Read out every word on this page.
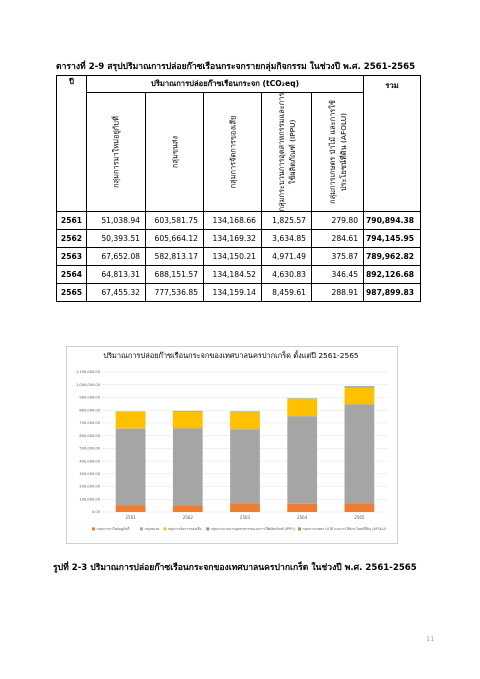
ตารางที่ 2-9 สรุปปริมาณการปล่อยก๊าซเรือนกระจกรายกลุ่มกิจกรรม ในช่วงปี พ.ศ. 2561-2565
ปี	ปริมาณการปล่อยก๊าซเรือนกระจก (tCO₂eq)					รวม

	กลุ่มการมาใหม่อยู่กับที่	กลุ่มขนส่ง	กลุ่มการจัดการของเสีย	กลุ่มกระบวนการอุตสาหกรรมและการ ใช้ผลิตภัณฑ์ (IPPU)	กลุ่มการเกษตร ป่าไม้ และการใช้ ประโยชน์ที่ดิน (AFOLU)	

2561	51,038.94	603,581.75	134,168.66	1,825.57	279.80	790,894.38
2562	50,393.51	605,664.12	134,169.32	3,634.85	284.61	794,145.95
2563	67,652.08	582,813.17	134,150.21	4,971.49	375.87	789,962.82
2564	64,813.31	688,151.57	134,184.52	4,630.83	346.45	892,126.68
2565	67,455.32	777,536.85	134,159.14	8,459.61	288.91	987,899.83
ปริมาณการปล่อยก๊าซเรือนกระจกของเทศบาลนครปากเกร็ด ตั้งแต่ปี 2561-2565
0.00
100,000.00
200,000.00
300,000.00
400,000.00
500,000.00
600,000.00
700,000.00
800,000.00
900,000.00
1,000,000.00
1,100,000.00
2561	2562	2563	2564	2565
กลุ่มการมาใหม่อยู่กับที่	กลุ่มขนส่ง	กลุ่มการจัดการของเสีย	กลุ่มกระบวนการอุตสาหกรรมและการใช้ผลิตภัณฑ์ (IPPU) กลุ่มการเกษตร ป่าไม้ และการใช้ประโยชน์ที่ดิน (AFOLU)
รูปที่ 2-3 ปริมาณการปล่อยก๊าซเรือนกระจกของเทศบาลนครปากเกร็ด ในช่วงปี พ.ศ. 2561-2565
11
